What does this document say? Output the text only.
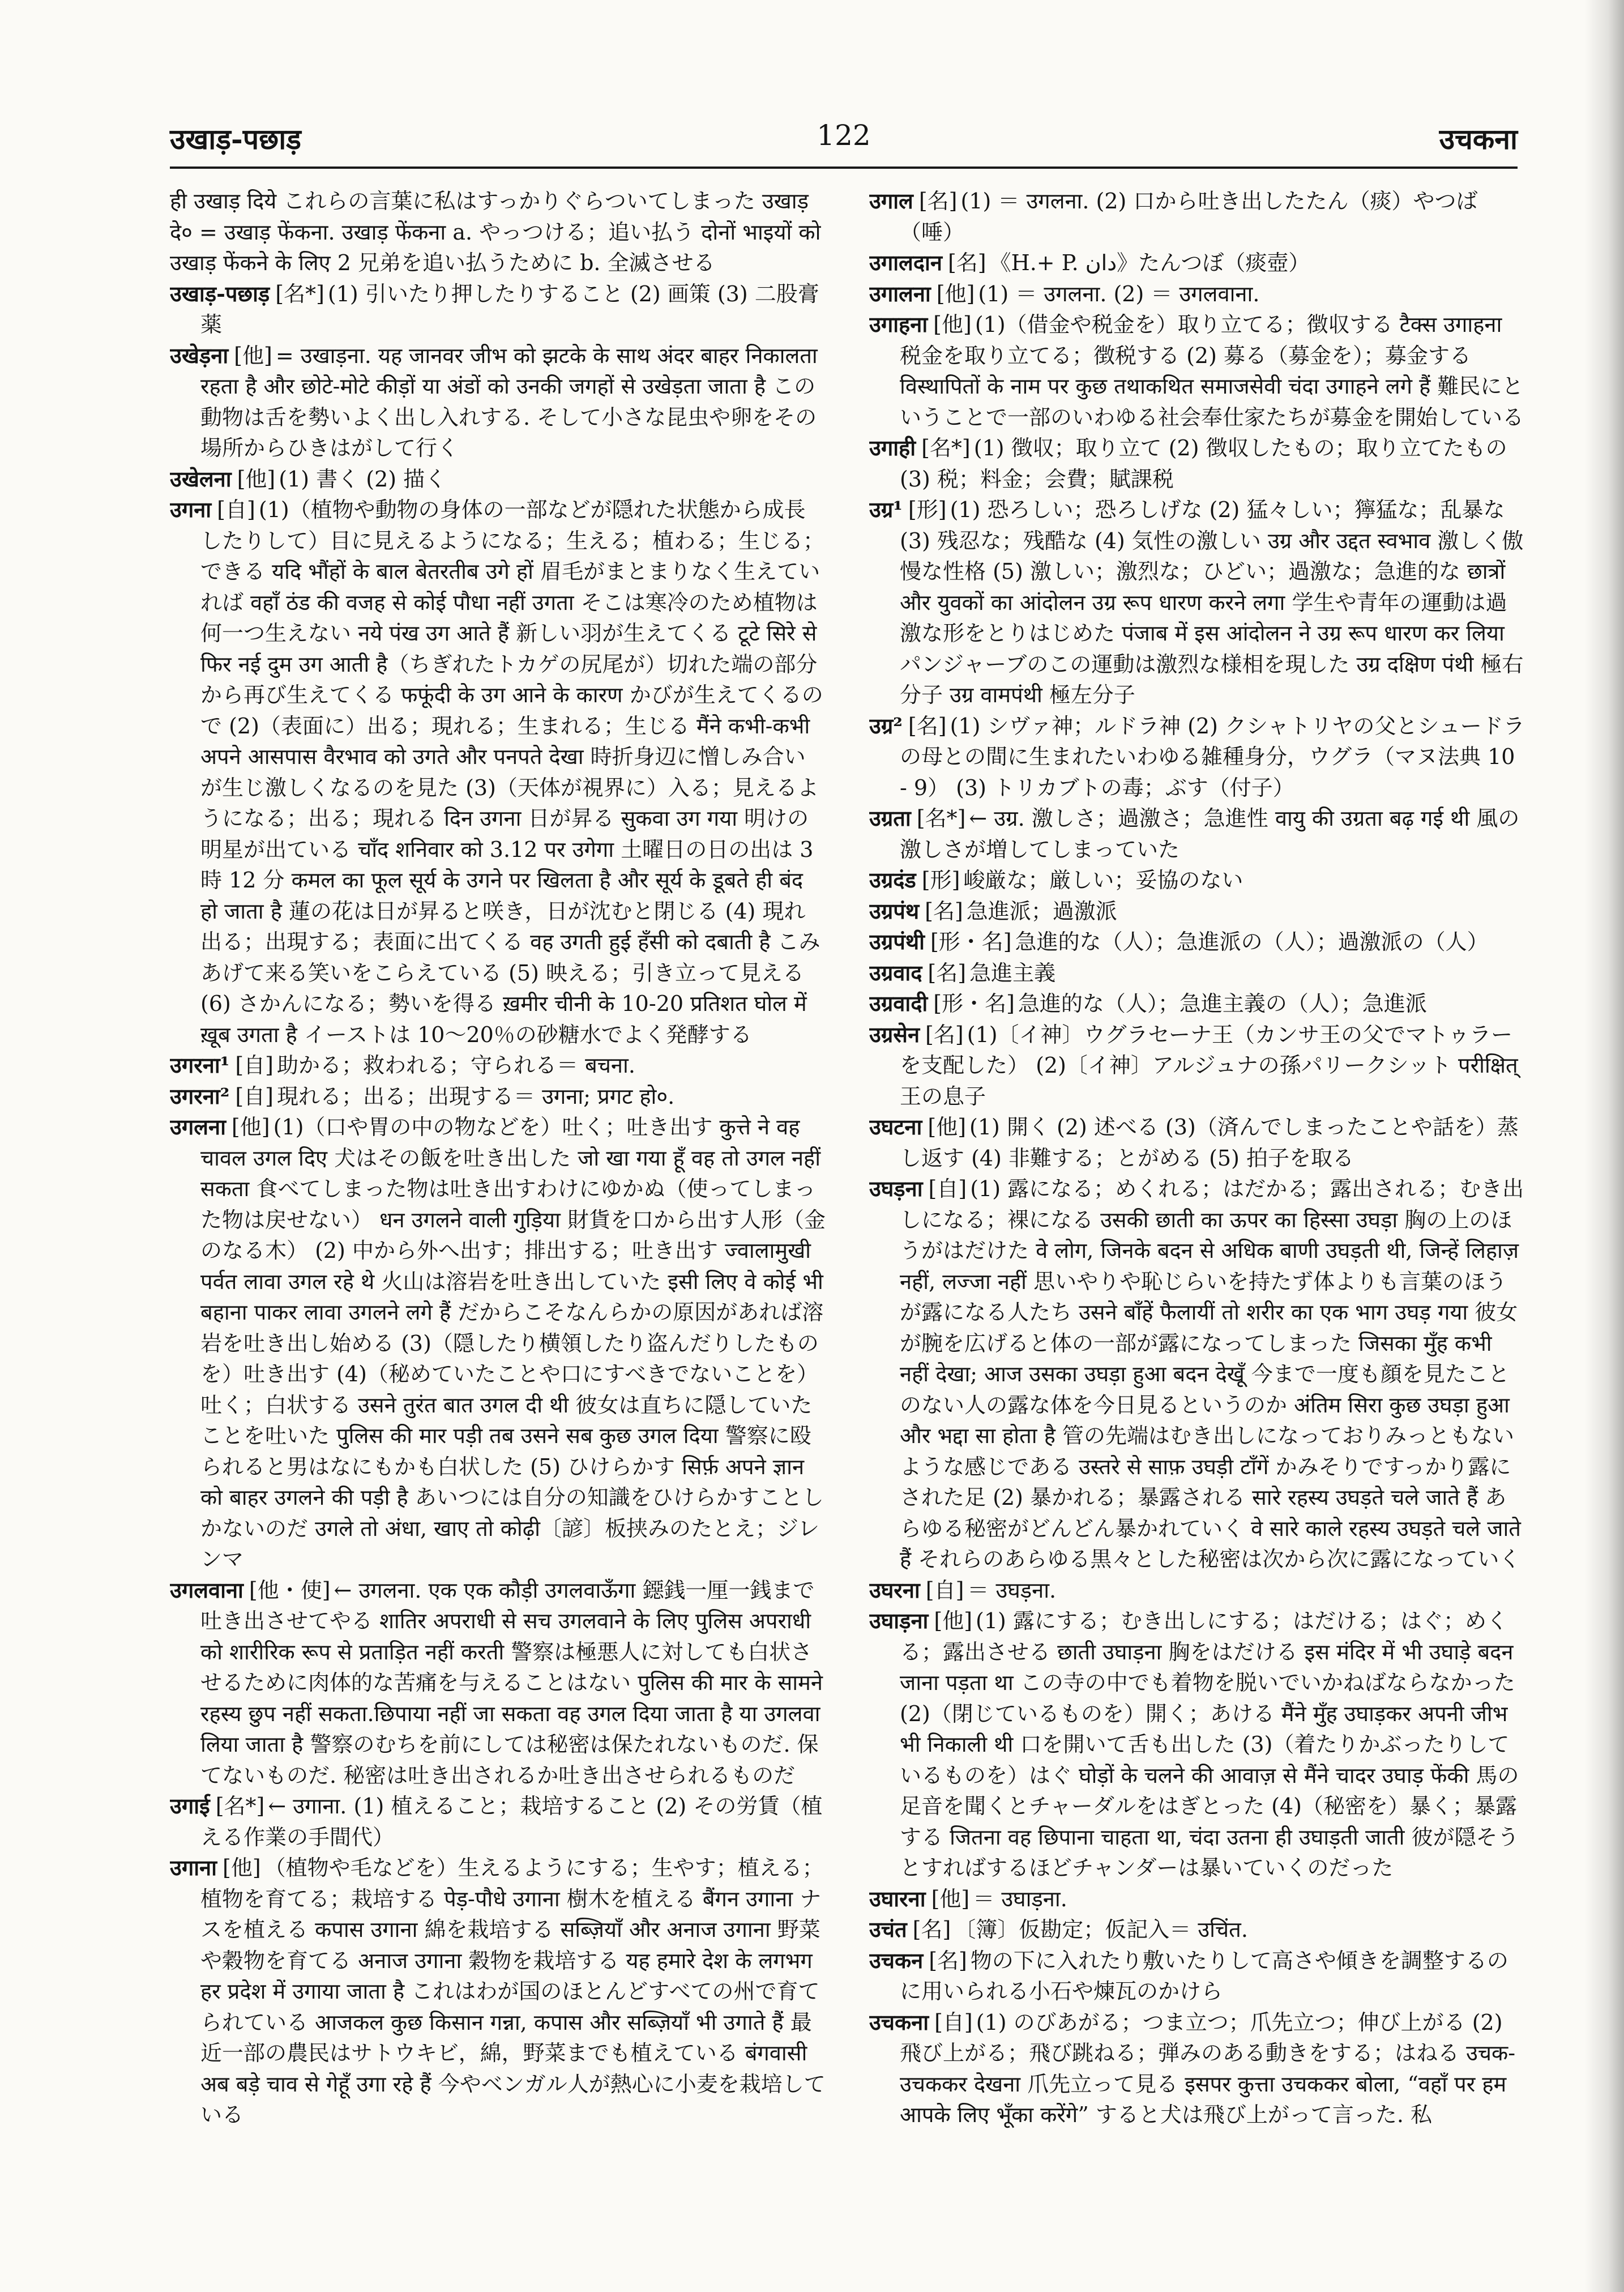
उखाड़-पछाड़	122	उचकना

ही उखाड़ दिये これらの言葉に私はすっかりぐらついてしまった उखाड़ दे० = उखाड़ फेंकना. उखाड़ फेंकना a. やっつける；追い払う दोनों भाइयों को उखाड़ फेंकने के लिए 2 兄弟を追い払うために b. 全滅させる

उखाड़-पछाड़ [名*] (1) 引いたり押したりすること (2) 画策 (3) 二股膏薬

उखेड़ना [他] = उखाड़ना. यह जानवर जीभ को झटके के साथ अंदर बाहर निकालता रहता है और छोटे-मोटे कीड़ों या अंडों को उनकी जगहों से उखेड़ता जाता है この動物は舌を勢いよく出し入れする. そして小さな昆虫や卵をその場所からひきはがして行く

उखेलना [他] (1) 書く (2) 描く

उगना [自] (1)（植物や動物の身体の一部などが隠れた状態から成長したりして）目に見えるようになる；生える；植わる；生じる；できる यदि भौंहों के बाल बेतरतीब उगे हों 眉毛がまとまりなく生えていれば वहाँ ठंड की वजह से कोई पौधा नहीं उगता そこは寒冷のため植物は何一つ生えない नये पंख उग आते हैं 新しい羽が生えてくる टूटे सिरे से फिर नई दुम उग आती है（ちぎれたトカゲの尻尾が）切れた端の部分から再び生えてくる फफूंदी के उग आने के कारण かびが生えてくるので (2)（表面に）出る；現れる；生まれる；生じる मैंने कभी-कभी अपने आसपास वैरभाव को उगते और पनपते देखा 時折身辺に憎しみ合いが生じ激しくなるのを見た (3)（天体が視界に）入る；見えるようになる；出る；現れる दिन उगना 日が昇る सुकवा उग गया 明けの明星が出ている चाँद शनिवार को 3.12 पर उगेगा 土曜日の日の出は 3 時 12 分 कमल का फूल सूर्य के उगने पर खिलता है और सूर्य के डूबते ही बंद हो जाता है 蓮の花は日が昇ると咲き，日が沈むと閉じる (4) 現れ出る；出現する；表面に出てくる वह उगती हुई हँसी को दबाती है こみあげて来る笑いをこらえている (5) 映える；引き立って見える (6) さかんになる；勢いを得る ख़मीर चीनी के 10-20 प्रतिशत घोल में ख़ूब उगता है イーストは 10〜20％の砂糖水でよく発酵する

उगरना¹ [自] 助かる；救われる；守られる＝ बचना.

उगरना² [自] 現れる；出る；出現する＝ उगना; प्रगट हो०.

उगलना [他] (1)（口や胃の中の物などを）吐く；吐き出す कुत्ते ने वह चावल उगल दिए 犬はその飯を吐き出した जो खा गया हूँ वह तो उगल नहीं सकता 食べてしまった物は吐き出すわけにゆかぬ（使ってしまった物は戻せない） धन उगलने वाली गुड़िया 財貨を口から出す人形（金のなる木） (2) 中から外へ出す；排出する；吐き出す ज्वालामुखी पर्वत लावा उगल रहे थे 火山は溶岩を吐き出していた इसी लिए वे कोई भी बहाना पाकर लावा उगलने लगे हैं だからこそなんらかの原因があれば溶岩を吐き出し始める (3)（隠したり横領したり盗んだりしたものを）吐き出す (4)（秘めていたことや口にすべきでないことを）吐く；白状する उसने तुरंत बात उगल दी थी 彼女は直ちに隠していたことを吐いた पुलिस की मार पड़ी तब उसने सब कुछ उगल दिया 警察に殴られると男はなにもかも白状した (5) ひけらかす सिर्फ़ अपने ज्ञान को बाहर उगलने की पड़ी है あいつには自分の知識をひけらかすことしかないのだ उगले तो अंधा, खाए तो कोढ़ी〔諺〕板挟みのたとえ；ジレンマ

उगलवाना [他・使] ← उगलना. एक एक कौड़ी उगलवाऊँगा 鐚銭一厘一銭まで吐き出させてやる शातिर अपराधी से सच उगलवाने के लिए पुलिस अपराधी को शारीरिक रूप से प्रताड़ित नहीं करती 警察は極悪人に対しても白状させるために肉体的な苦痛を与えることはない पुलिस की मार के सामने रहस्य छुप नहीं सकता.छिपाया नहीं जा सकता वह उगल दिया जाता है या उगलवा लिया जाता है 警察のむちを前にしては秘密は保たれないものだ. 保てないものだ. 秘密は吐き出されるか吐き出させられるものだ

उगाई [名*] ← उगाना. (1) 植えること；栽培すること (2) その労賃（植える作業の手間代）

उगाना [他] （植物や毛などを）生えるようにする；生やす；植える；植物を育てる；栽培する पेड़-पौधे उगाना 樹木を植える बैंगन उगाना ナスを植える कपास उगाना 綿を栽培する सब्ज़ियाँ और अनाज उगाना 野菜や穀物を育てる अनाज उगाना 穀物を栽培する यह हमारे देश के लगभग हर प्रदेश में उगाया जाता है これはわが国のほとんどすべての州で育てられている आजकल कुछ किसान गन्ना, कपास और सब्ज़ियाँ भी उगाते हैं 最近一部の農民はサトウキビ，綿，野菜までも植えている बंगवासी अब बड़े चाव से गेहूँ उगा रहे हैं 今やベンガル人が熱心に小麦を栽培している

उगाल [名] (1) ＝ उगलना. (2) 口から吐き出したたん（痰）やつば（唾）

उगालदान [名] 《H.+ P. دان》たんつぼ（痰壺）

उगालना [他] (1) ＝ उगलना. (2) ＝ उगलवाना.

उगाहना [他] (1)（借金や税金を）取り立てる；徴収する टैक्स उगाहना 税金を取り立てる；徴税する (2) 募る（募金を）；募金する विस्थापितों के नाम पर कुछ तथाकथित समाजसेवी चंदा उगाहने लगे हैं 難民にということで一部のいわゆる社会奉仕家たちが募金を開始している

उगाही [名*] (1) 徴収；取り立て (2) 徴収したもの；取り立てたもの (3) 税；料金；会費；賦課税

उग्र¹ [形] (1) 恐ろしい；恐ろしげな (2) 猛々しい；獰猛な；乱暴な (3) 残忍な；残酷な (4) 気性の激しい उग्र और उद्दत स्वभाव 激しく傲慢な性格 (5) 激しい；激烈な；ひどい；過激な；急進的な छात्रों और युवकों का आंदोलन उग्र रूप धारण करने लगा 学生や青年の運動は過激な形をとりはじめた पंजाब में इस आंदोलन ने उग्र रूप धारण कर लिया パンジャーブのこの運動は激烈な様相を現した उग्र दक्षिण पंथी 極右分子 उग्र वामपंथी 極左分子

उग्र² [名] (1) シヴァ神；ルドラ神 (2) クシャトリヤの父とシュードラの母との間に生まれたいわゆる雑種身分，ウグラ（マヌ法典 10 - 9） (3) トリカブトの毒；ぶす（付子）

उग्रता [名*] ← उग्र. 激しさ；過激さ；急進性 वायु की उग्रता बढ़ गई थी 風の激しさが増してしまっていた

उग्रदंड [形] 峻厳な；厳しい；妥協のない

उग्रपंथ [名] 急進派；過激派

उग्रपंथी [形・名] 急進的な（人）；急進派の（人）；過激派の（人）

उग्रवाद [名] 急進主義

उग्रवादी [形・名] 急進的な（人）；急進主義の（人）；急進派

उग्रसेन [名] (1)〔イ神〕ウグラセーナ王（カンサ王の父でマトゥラーを支配した） (2)〔イ神〕アルジュナの孫パリークシット परीक्षित् 王の息子

उघटना [他] (1) 開く (2) 述べる (3)（済んでしまったことや話を）蒸し返す (4) 非難する；とがめる (5) 拍子を取る

उघड़ना [自] (1) 露になる；めくれる；はだかる；露出される；むき出しになる；裸になる उसकी छाती का ऊपर का हिस्सा उघड़ा 胸の上のほうがはだけた वे लोग, जिनके बदन से अधिक बाणी उघड़ती थी, जिन्हें लिहाज़ नहीं, लज्जा नहीं 思いやりや恥じらいを持たず体よりも言葉のほうが露になる人たち उसने बाँहें फैलायीं तो शरीर का एक भाग उघड़ गया 彼女が腕を広げると体の一部が露になってしまった जिसका मुँह कभी नहीं देखा; आज उसका उघड़ा हुआ बदन देखूँ 今まで一度も顔を見たことのない人の露な体を今日見るというのか अंतिम सिरा कुछ उघड़ा हुआ और भद्दा सा होता है 管の先端はむき出しになっておりみっともないような感じである उस्तरे से साफ़ उघड़ी टाँगें かみそりですっかり露にされた足 (2) 暴かれる；暴露される सारे रहस्य उघड़ते चले जाते हैं あらゆる秘密がどんどん暴かれていく वे सारे काले रहस्य उघड़ते चले जाते हैं それらのあらゆる黒々とした秘密は次から次に露になっていく

उघरना [自] ＝ उघड़ना.

उघाड़ना [他] (1) 露にする；むき出しにする；はだける；はぐ；めくる；露出させる छाती उघाड़ना 胸をはだける इस मंदिर में भी उघाड़े बदन जाना पड़ता था この寺の中でも着物を脱いでいかねばならなかった (2)（閉じているものを）開く；あける मैंने मुँह उघाड़कर अपनी जीभ भी निकाली थी 口を開いて舌も出した (3)（着たりかぶったりしているものを）はぐ घोड़ों के चलने की आवाज़ से मैंने चादर उघाड़ फेंकी 馬の足音を聞くとチャーダルをはぎとった (4)（秘密を）暴く；暴露する जितना वह छिपाना चाहता था, चंदा उतना ही उघाड़ती जाती 彼が隠そうとすればするほどチャンダーは暴いていくのだった

उघारना [他] ＝ उघाड़ना.

उचंत [名] 〔簿〕仮勘定；仮記入＝ उचिंत.

उचकन [名] 物の下に入れたり敷いたりして高さや傾きを調整するのに用いられる小石や煉瓦のかけら

उचकना [自] (1) のびあがる；つま立つ；爪先立つ；伸び上がる (2) 飛び上がる；飛び跳ねる；弾みのある動きをする；はねる उचक-उचककर देखना 爪先立って見る इसपर कुत्ता उचककर बोला, “वहाँ पर हम आपके लिए भूँका करेंगे” すると犬は飛び上がって言った. 私
